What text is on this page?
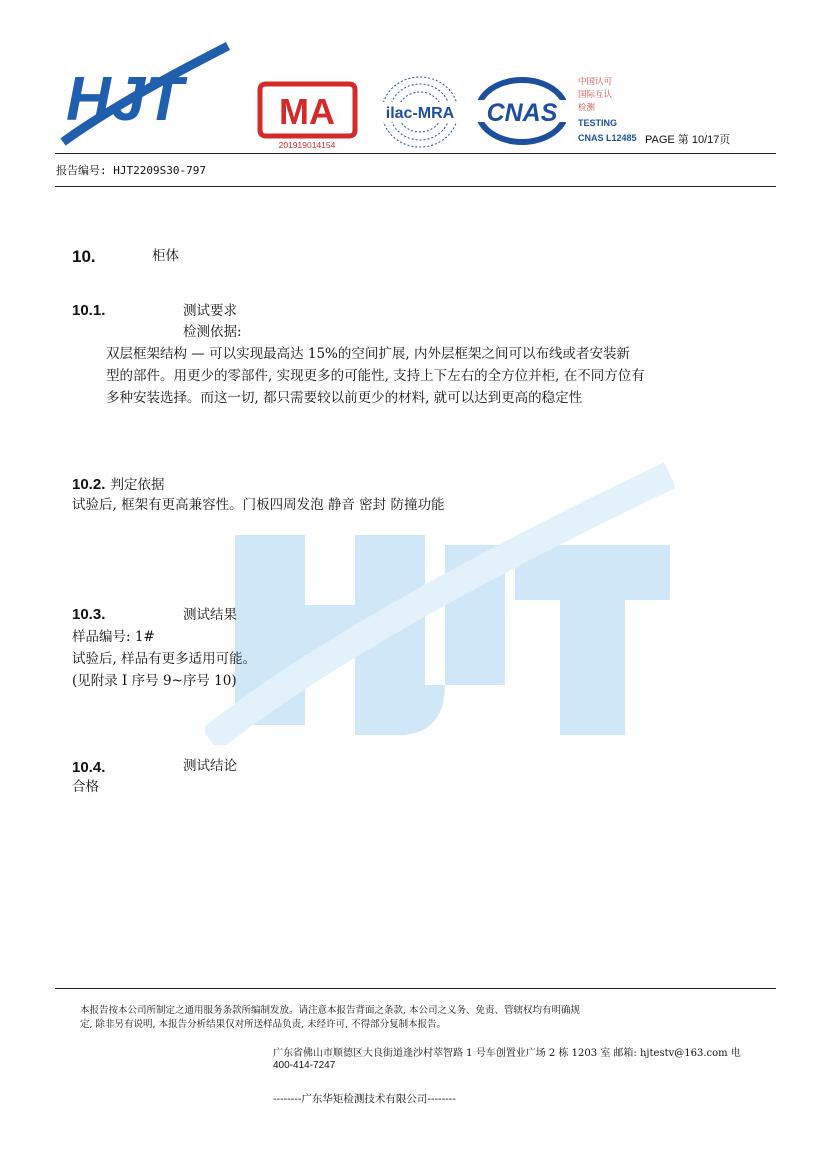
HJT	MA
201919014154
ilac-MRA CNAS
中国认可
国际互认
检测
TESTING
CNAS L12485 PAGE 第 10/17页
报告编号: HJT2209S30-797
10.	柜体
10.1.	测试要求
检测依据:
双层框架结构 — 可以实现最高达 15%的空间扩展, 内外层框架之间可以布线或者安装新
型的部件。用更少的零部件, 实现更多的可能性, 支持上下左右的全方位并柜, 在不同方位有
多种安装选择。而这一切, 都只需要较以前更少的材料, 就可以达到更高的稳定性
10.2. 判定依据
试验后, 框架有更高兼容性。门板四周发泡 静音 密封 防撞功能
10.3.	测试结果
样品编号: 1#
试验后, 样品有更多适用可能。
(见附录 I 序号 9~序号 10)
10.4.	测试结论
合格
本报告按本公司所制定之通用服务条款所编制发放。请注意本报告背面之条款, 本公司之义务、免责、管辖权均有明确规
定, 除非另有说明, 本报告分析结果仅对所送样品负责, 未经许可, 不得部分复制本报告。
广东省佛山市顺德区大良街道逢沙村萃智路 1 号车创置业广场 2 栋 1203 室 邮箱: hjtestv@163.com 电
400-414-7247
--------广东华矩检测技术有限公司--------
